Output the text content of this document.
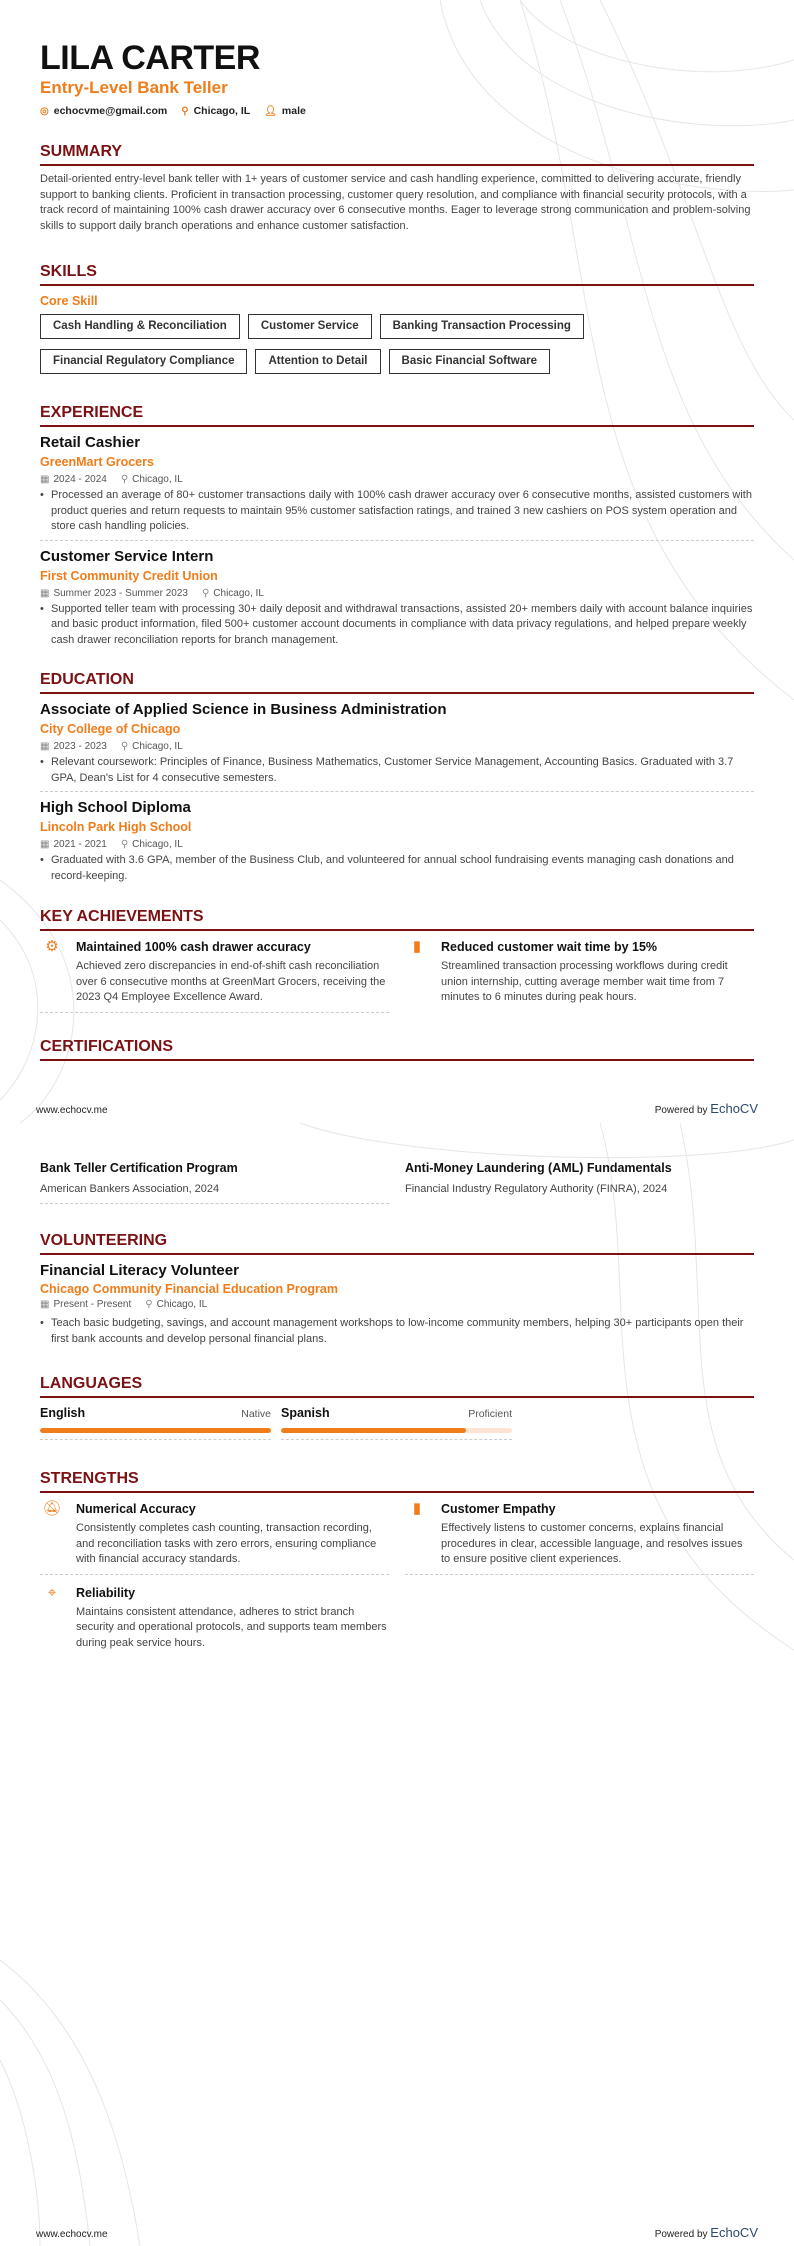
LILA CARTER
Entry-Level Bank Teller
◎ echocvme@gmail.com ⚲ Chicago, IL 👤︎ male
SUMMARY
Detail-oriented entry-level bank teller with 1+ years of customer service and cash handling experience, committed to delivering accurate, friendly support to banking clients. Proficient in transaction processing, customer query resolution, and compliance with financial security protocols, with a track record of maintaining 100% cash drawer accuracy over 6 consecutive months. Eager to leverage strong communication and problem-solving skills to support daily branch operations and enhance customer satisfaction.
SKILLS
Core Skill
Cash Handling & Reconciliation	Customer Service	Banking Transaction Processing
Financial Regulatory Compliance	Attention to Detail	Basic Financial Software
EXPERIENCE
Retail Cashier
GreenMart Grocers
▦ 2024 - 2024 ⚲ Chicago, IL
• Processed an average of 80+ customer transactions daily with 100% cash drawer accuracy over 6 consecutive months, assisted customers with product queries and return requests to maintain 95% customer satisfaction ratings, and trained 3 new cashiers on POS system operation and store cash handling policies.
Customer Service Intern
First Community Credit Union
▦ Summer 2023 - Summer 2023 ⚲ Chicago, IL
• Supported teller team with processing 30+ daily deposit and withdrawal transactions, assisted 20+ members daily with account balance inquiries and basic product information, filed 500+ customer account documents in compliance with data privacy regulations, and helped prepare weekly cash drawer reconciliation reports for branch management.
EDUCATION
Associate of Applied Science in Business Administration
City College of Chicago
▦ 2023 - 2023 ⚲ Chicago, IL
• Relevant coursework: Principles of Finance, Business Mathematics, Customer Service Management, Accounting Basics. Graduated with 3.7 GPA, Dean's List for 4 consecutive semesters.
High School Diploma
Lincoln Park High School
▦ 2021 - 2021 ⚲ Chicago, IL
• Graduated with 3.6 GPA, member of the Business Club, and volunteered for annual school fundraising events managing cash donations and record-keeping.
KEY ACHIEVEMENTS
⚙	Maintained 100% cash drawer accuracy
Achieved zero discrepancies in end-of-shift cash reconciliation over 6 consecutive months at GreenMart Grocers, receiving the 2023 Q4 Employee Excellence Award.
▮	Reduced customer wait time by 15%
Streamlined transaction processing workflows during credit union internship, cutting average member wait time from 7 minutes to 6 minutes during peak hours.
CERTIFICATIONS
www.echocv.me	Powered by EchoCV
Bank Teller Certification Program
American Bankers Association, 2024
Anti-Money Laundering (AML) Fundamentals
Financial Industry Regulatory Authority (FINRA), 2024
VOLUNTEERING
Financial Literacy Volunteer
Chicago Community Financial Education Program
▦ Present - Present ⚲ Chicago, IL
• Teach basic budgeting, savings, and account management workshops to low-income community members, helping 30+ participants open their first bank accounts and develop personal financial plans.
LANGUAGES
English	Native Spanish	Proficient
STRENGTHS
🔕︎ Numerical Accuracy
Consistently completes cash counting, transaction recording, and reconciliation tasks with zero errors, ensuring compliance with financial accuracy standards.
▮	Customer Empathy
Effectively listens to customer concerns, explains financial procedures in clear, accessible language, and resolves issues to ensure positive client experiences.
⌖	Reliability
Maintains consistent attendance, adheres to strict branch security and operational protocols, and supports team members during peak service hours.
www.echocv.me	Powered by EchoCV
